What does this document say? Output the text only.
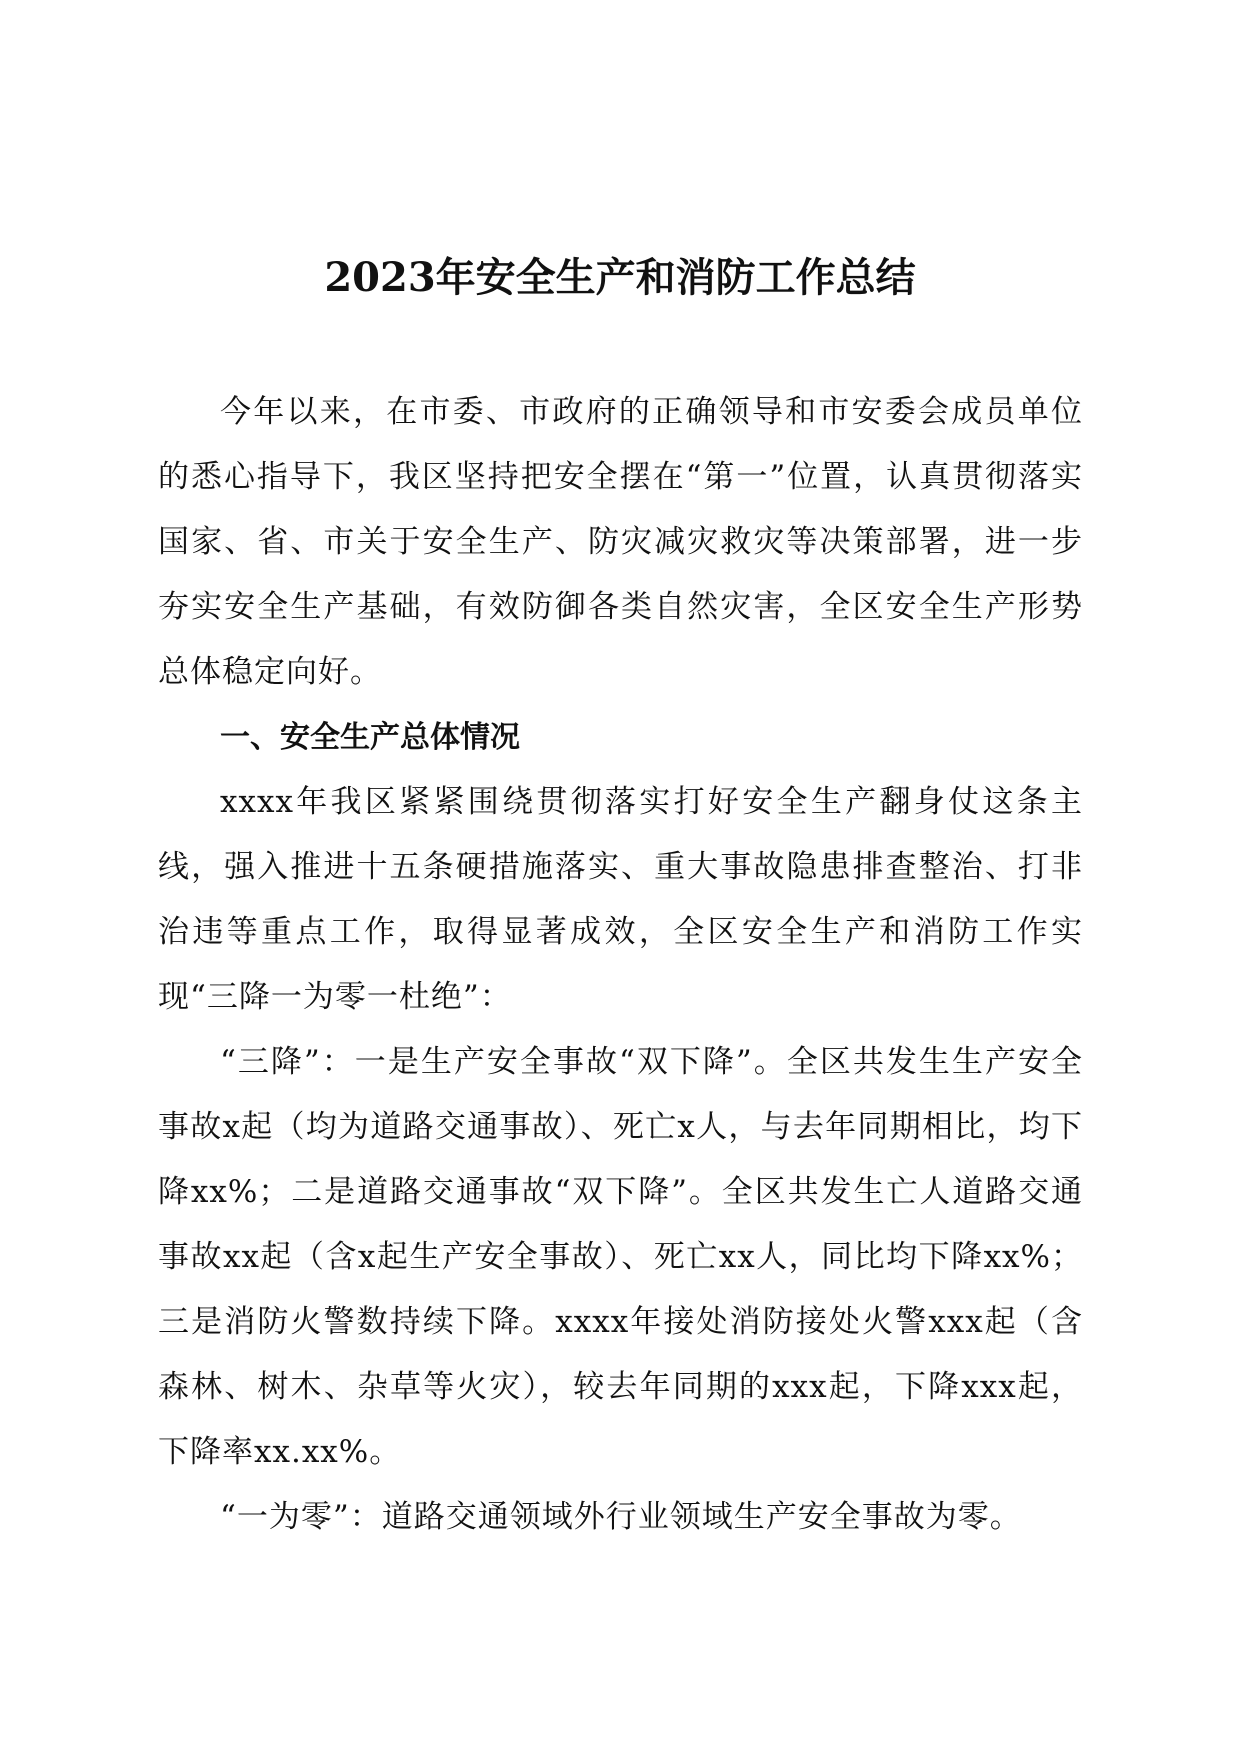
2023年安全生产和消防工作总结

今年以来，在市委、市政府的正确领导和市安委会成员单位的悉心指导下，我区坚持把安全摆在“第一”位置，认真贯彻落实国家、省、市关于安全生产、防灾减灾救灾等决策部署，进一步夯实安全生产基础，有效防御各类自然灾害，全区安全生产形势总体稳定向好。

一、安全生产总体情况

xxxx年我区紧紧围绕贯彻落实打好安全生产翻身仗这条主线，强入推进十五条硬措施落实、重大事故隐患排查整治、打非治违等重点工作，取得显著成效，全区安全生产和消防工作实现“三降一为零一杜绝”：

“三降”：一是生产安全事故“双下降”。全区共发生生产安全事故x起（均为道路交通事故）、死亡x人，与去年同期相比，均下降xx%；二是道路交通事故“双下降”。全区共发生亡人道路交通事故xx起（含x起生产安全事故）、死亡xx人，同比均下降xx%；三是消防火警数持续下降。xxxx年接处消防接处火警xxx起（含森林、树木、杂草等火灾），较去年同期的xxx起，下降xxx起，下降率xx.xx%。

“一为零”：道路交通领域外行业领域生产安全事故为零。
